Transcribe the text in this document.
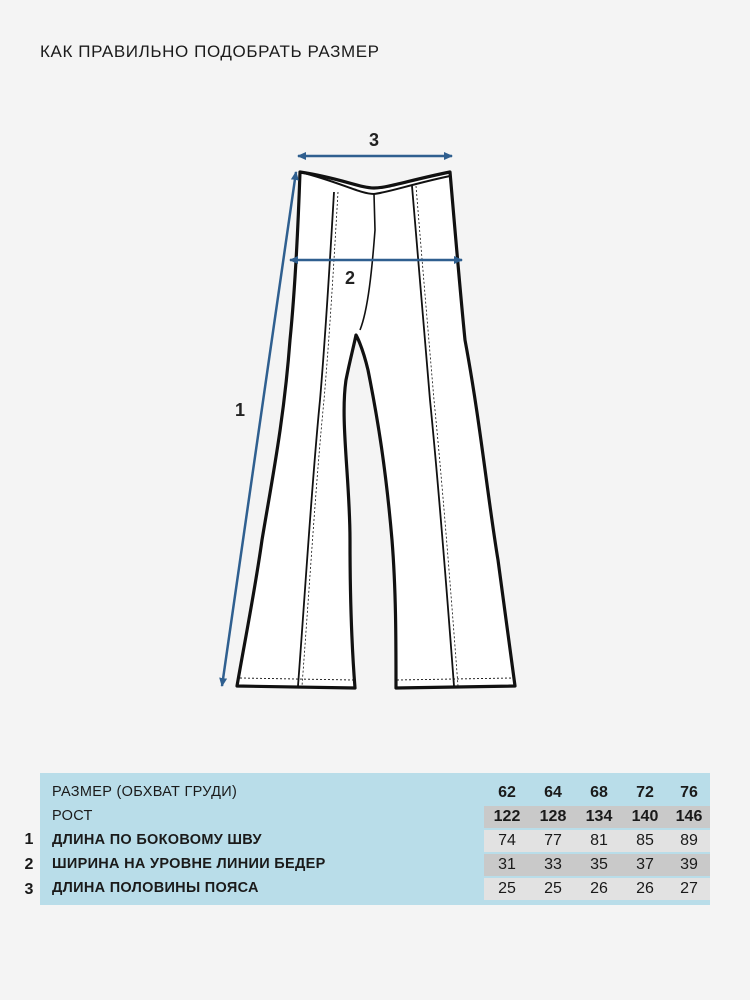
КАК ПРАВИЛЬНО ПОДОБРАТЬ РАЗМЕР
3
2
1
1
2
3
РАЗМЕР (ОБХВАТ ГРУДИ)	62	64	68	72	76
РОСТ	122	128	134	140	146
ДЛИНА ПО БОКОВОМУ ШВУ	74	77	81	85	89
ШИРИНА НА УРОВНЕ ЛИНИИ БЕДЕР	31	33	35	37	39
ДЛИНА ПОЛОВИНЫ ПОЯСА	25	25	26	26	27
